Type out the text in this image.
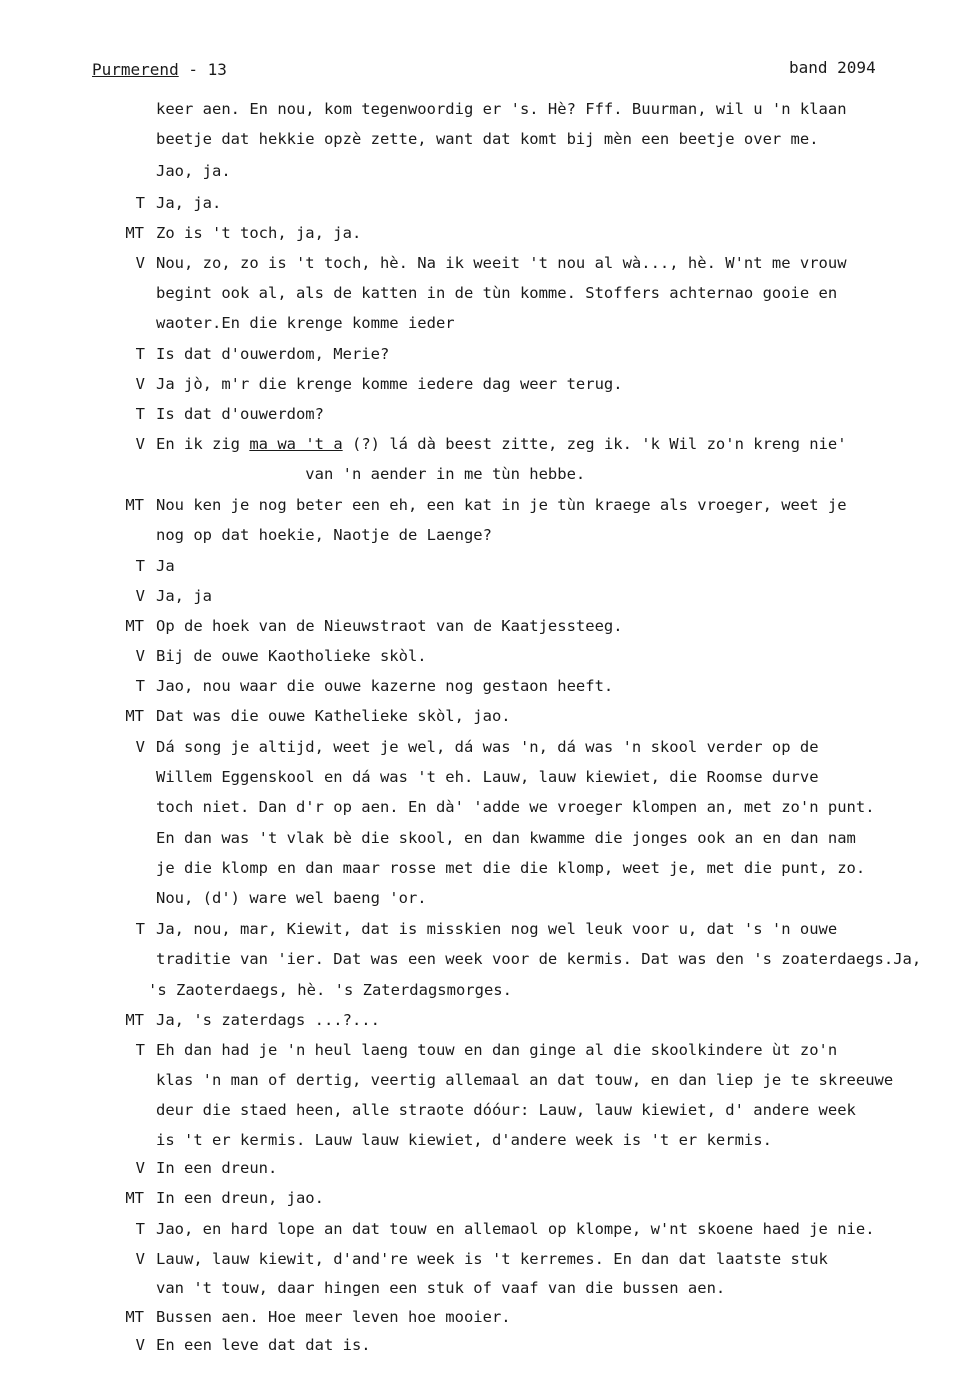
Purmerend - 13	band 2094
keer aen. En nou, kom tegenwoordig er 's. Hè? Fff. Buurman, wil u 'n klaan
beetje dat hekkie opzè zette, want dat komt bij mèn een beetje over me.
Jao, ja.
T Ja, ja.
MT Zo is 't toch, ja, ja.
V Nou, zo, zo is 't toch, hè. Na ik weeit 't nou al wà..., hè. W'nt me vrouw
begint ook al, als de katten in de tùn komme. Stoffers achternao gooie en
waoter.En die krenge komme ieder
T Is dat d'ouwerdom, Merie?
V Ja jò, m'r die krenge komme iedere dag weer terug.
T Is dat d'ouwerdom?
V En ik zig ma wa 't a (?) lá dà beest zitte, zeg ik. 'k Wil zo'n kreng nie'
van 'n aender in me tùn hebbe.
MT Nou ken je nog beter een eh, een kat in je tùn kraege als vroeger, weet je
nog op dat hoekie, Naotje de Laenge?
T Ja
V Ja, ja
MT Op de hoek van de Nieuwstraot van de Kaatjessteeg.
V Bij de ouwe Kaotholieke skòl.
T Jao, nou waar die ouwe kazerne nog gestaon heeft.
MT Dat was die ouwe Kathelieke skòl, jao.
V Dá song je altijd, weet je wel, dá was 'n, dá was 'n skool verder op de
Willem Eggenskool en dá was 't eh. Lauw, lauw kiewiet, die Roomse durve
toch niet. Dan d'r op aen. En dà' 'adde we vroeger klompen an, met zo'n punt.
En dan was 't vlak bè die skool, en dan kwamme die jonges ook an en dan nam
je die klomp en dan maar rosse met die die klomp, weet je, met die punt, zo.
Nou, (d') ware wel baeng 'or.
T Ja, nou, mar, Kiewit, dat is misskien nog wel leuk voor u, dat 's 'n ouwe
traditie van 'ier. Dat was een week voor de kermis. Dat was den 's zoaterdaegs.Ja,
's Zaoterdaegs, hè. 's Zaterdagsmorges.
MT Ja, 's zaterdags ...?...
T Eh dan had je 'n heul laeng touw en dan ginge al die skoolkindere ùt zo'n
klas 'n man of dertig, veertig allemaal an dat touw, en dan liep je te skreeuwe
deur die staed heen, alle straote dóóur: Lauw, lauw kiewiet, d' andere week
is 't er kermis. Lauw lauw kiewiet, d'andere week is 't er kermis.
V In een dreun.
MT In een dreun, jao.
T Jao, en hard lope an dat touw en allemaol op klompe, w'nt skoene haed je nie.
V Lauw, lauw kiewit, d'and're week is 't kerremes. En dan dat laatste stuk
van 't touw, daar hingen een stuk of vaaf van die bussen aen.
MT Bussen aen. Hoe meer leven hoe mooier.
V En een leve dat dat is.
